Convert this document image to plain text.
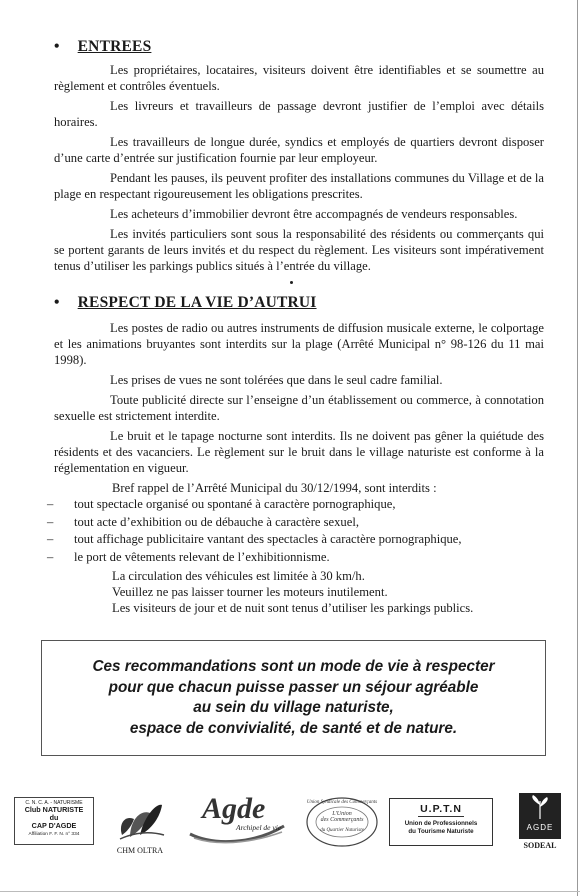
• ENTREES
Les propriétaires, locataires, visiteurs doivent être identifiables et se soumettre au règlement et contrôles éventuels.
Les livreurs et travailleurs de passage devront justifier de l’emploi avec détails horaires.
Les travailleurs de longue durée, syndics et employés de quartiers devront disposer d’une carte d’entrée sur justification fournie par leur employeur.
Pendant les pauses, ils peuvent profiter des installations communes du Village et de la plage en respectant rigoureusement les obligations prescrites.
Les acheteurs d’immobilier devront être accompagnés de vendeurs responsables.
Les invités particuliers sont sous la responsabilité des résidents ou commerçants qui se portent garants de leurs invités et du respect du règlement. Les visiteurs sont impérativement tenus d’utiliser les parkings publics situés à l’entrée du village.
• RESPECT DE LA VIE D’AUTRUI
Les postes de radio ou autres instruments de diffusion musicale externe, le colportage et les animations bruyantes sont interdits sur la plage (Arrêté Municipal n° 98-126 du 11 mai 1998).
Les prises de vues ne sont tolérées que dans le seul cadre familial.
Toute publicité directe sur l’enseigne d’un établissement ou commerce, à connotation sexuelle est strictement interdite.
Le bruit et le tapage nocturne sont interdits. Ils ne doivent pas gêner la quiétude des résidents et des vacanciers. Le règlement sur le bruit dans le village naturiste est conforme à la réglementation en vigueur.
Bref rappel de l’Arrêté Municipal du 30/12/1994, sont interdits :
– tout spectacle organisé ou spontané à caractère pornographique,
– tout acte d’exhibition ou de débauche à caractère sexuel,
– tout affichage publicitaire vantant des spectacles à caractère pornographique,
– le port de vêtements relevant de l’exhibitionnisme.
La circulation des véhicules est limitée à 30 km/h.
Veuillez ne pas laisser tourner les moteurs inutilement.
Les visiteurs de jour et de nuit sont tenus d’utiliser les parkings publics.
Ces recommandations sont un mode de vie à respecter
pour que chacun puisse passer un séjour agréable
au sein du village naturiste,
espace de convivialité, de santé et de nature.
C. N. C. A. - NATURISME
Club NATURISTE
du
CAP D'AGDE
Affiliation F. F. N. n° 334
CHM OLTRA
Agde
Archipel de vie
Union Syndicale des Commerçants
L'Union
des Commerçants
du Quartier Naturiste
U.P.T.N
Union de Professionnels
du Tourisme Naturiste	AGDE
SODEAL
